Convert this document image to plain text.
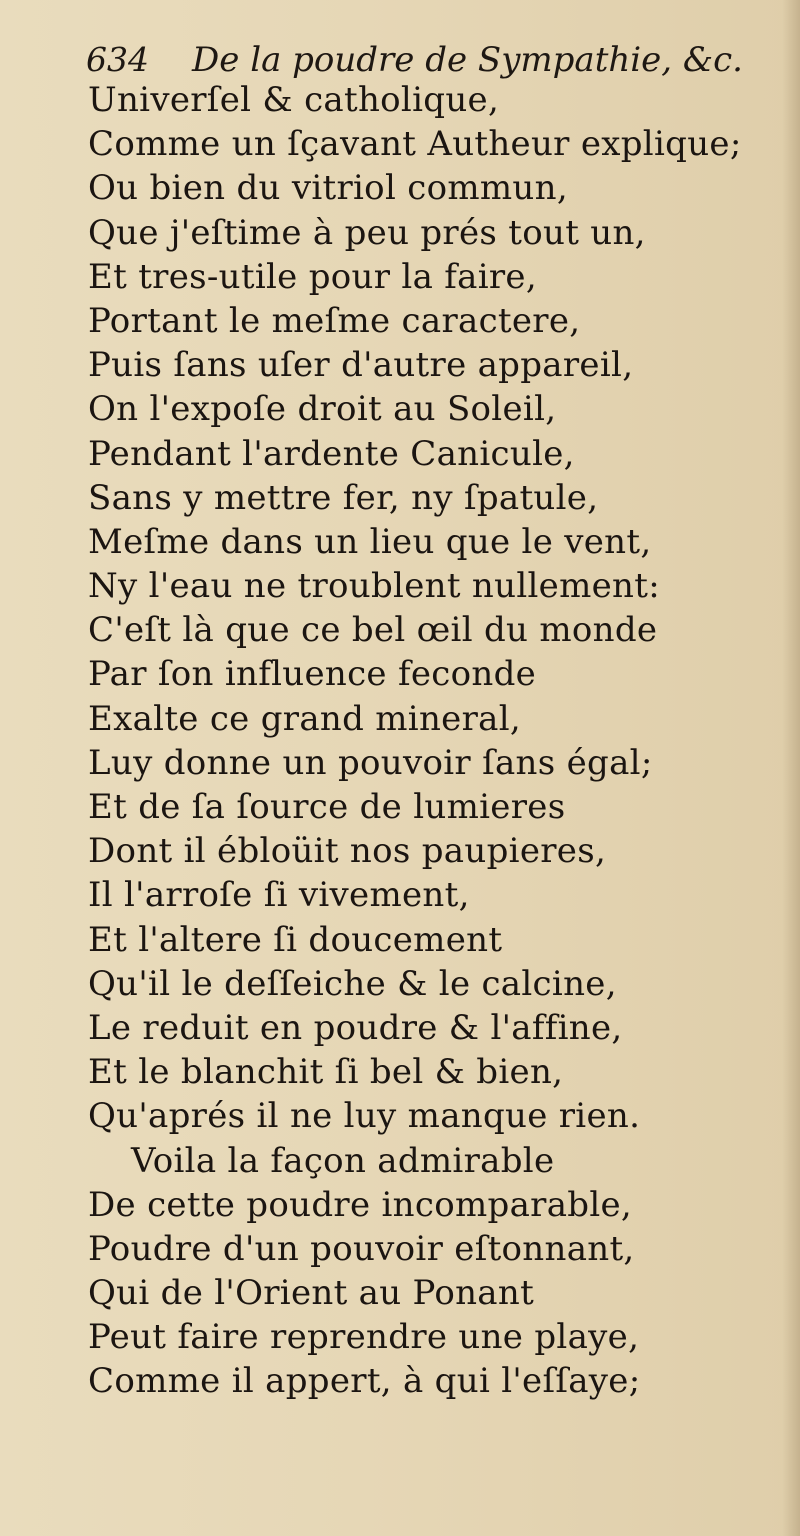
634 De la poudre de Sympathie, &c.
Univerſel & catholique,
Comme un ſçavant Autheur explique;
Ou bien du vitriol commun,
Que j'eſtime à peu prés tout un,
Et tres-utile pour la faire,
Portant le meſme caractere,
Puis ſans uſer d'autre appareil,
On l'expoſe droit au Soleil,
Pendant l'ardente Canicule,
Sans y mettre fer, ny ſpatule,
Meſme dans un lieu que le vent,
Ny l'eau ne troublent nullement:
C'eſt là que ce bel œil du monde
Par ſon influence feconde
Exalte ce grand mineral,
Luy donne un pouvoir ſans égal;
Et de ſa ſource de lumieres
Dont il ébloüit nos paupieres,
Il l'arroſe ſi vivement,
Et l'altere ſi doucement
Qu'il le deſſeiche & le calcine,
Le reduit en poudre & l'affine,
Et le blanchit ſi bel & bien,
Qu'aprés il ne luy manque rien.
Voila la façon admirable
De cette poudre incomparable,
Poudre d'un pouvoir eſtonnant,
Qui de l'Orient au Ponant
Peut faire reprendre une playe,
Comme il appert, à qui l'eſſaye;
